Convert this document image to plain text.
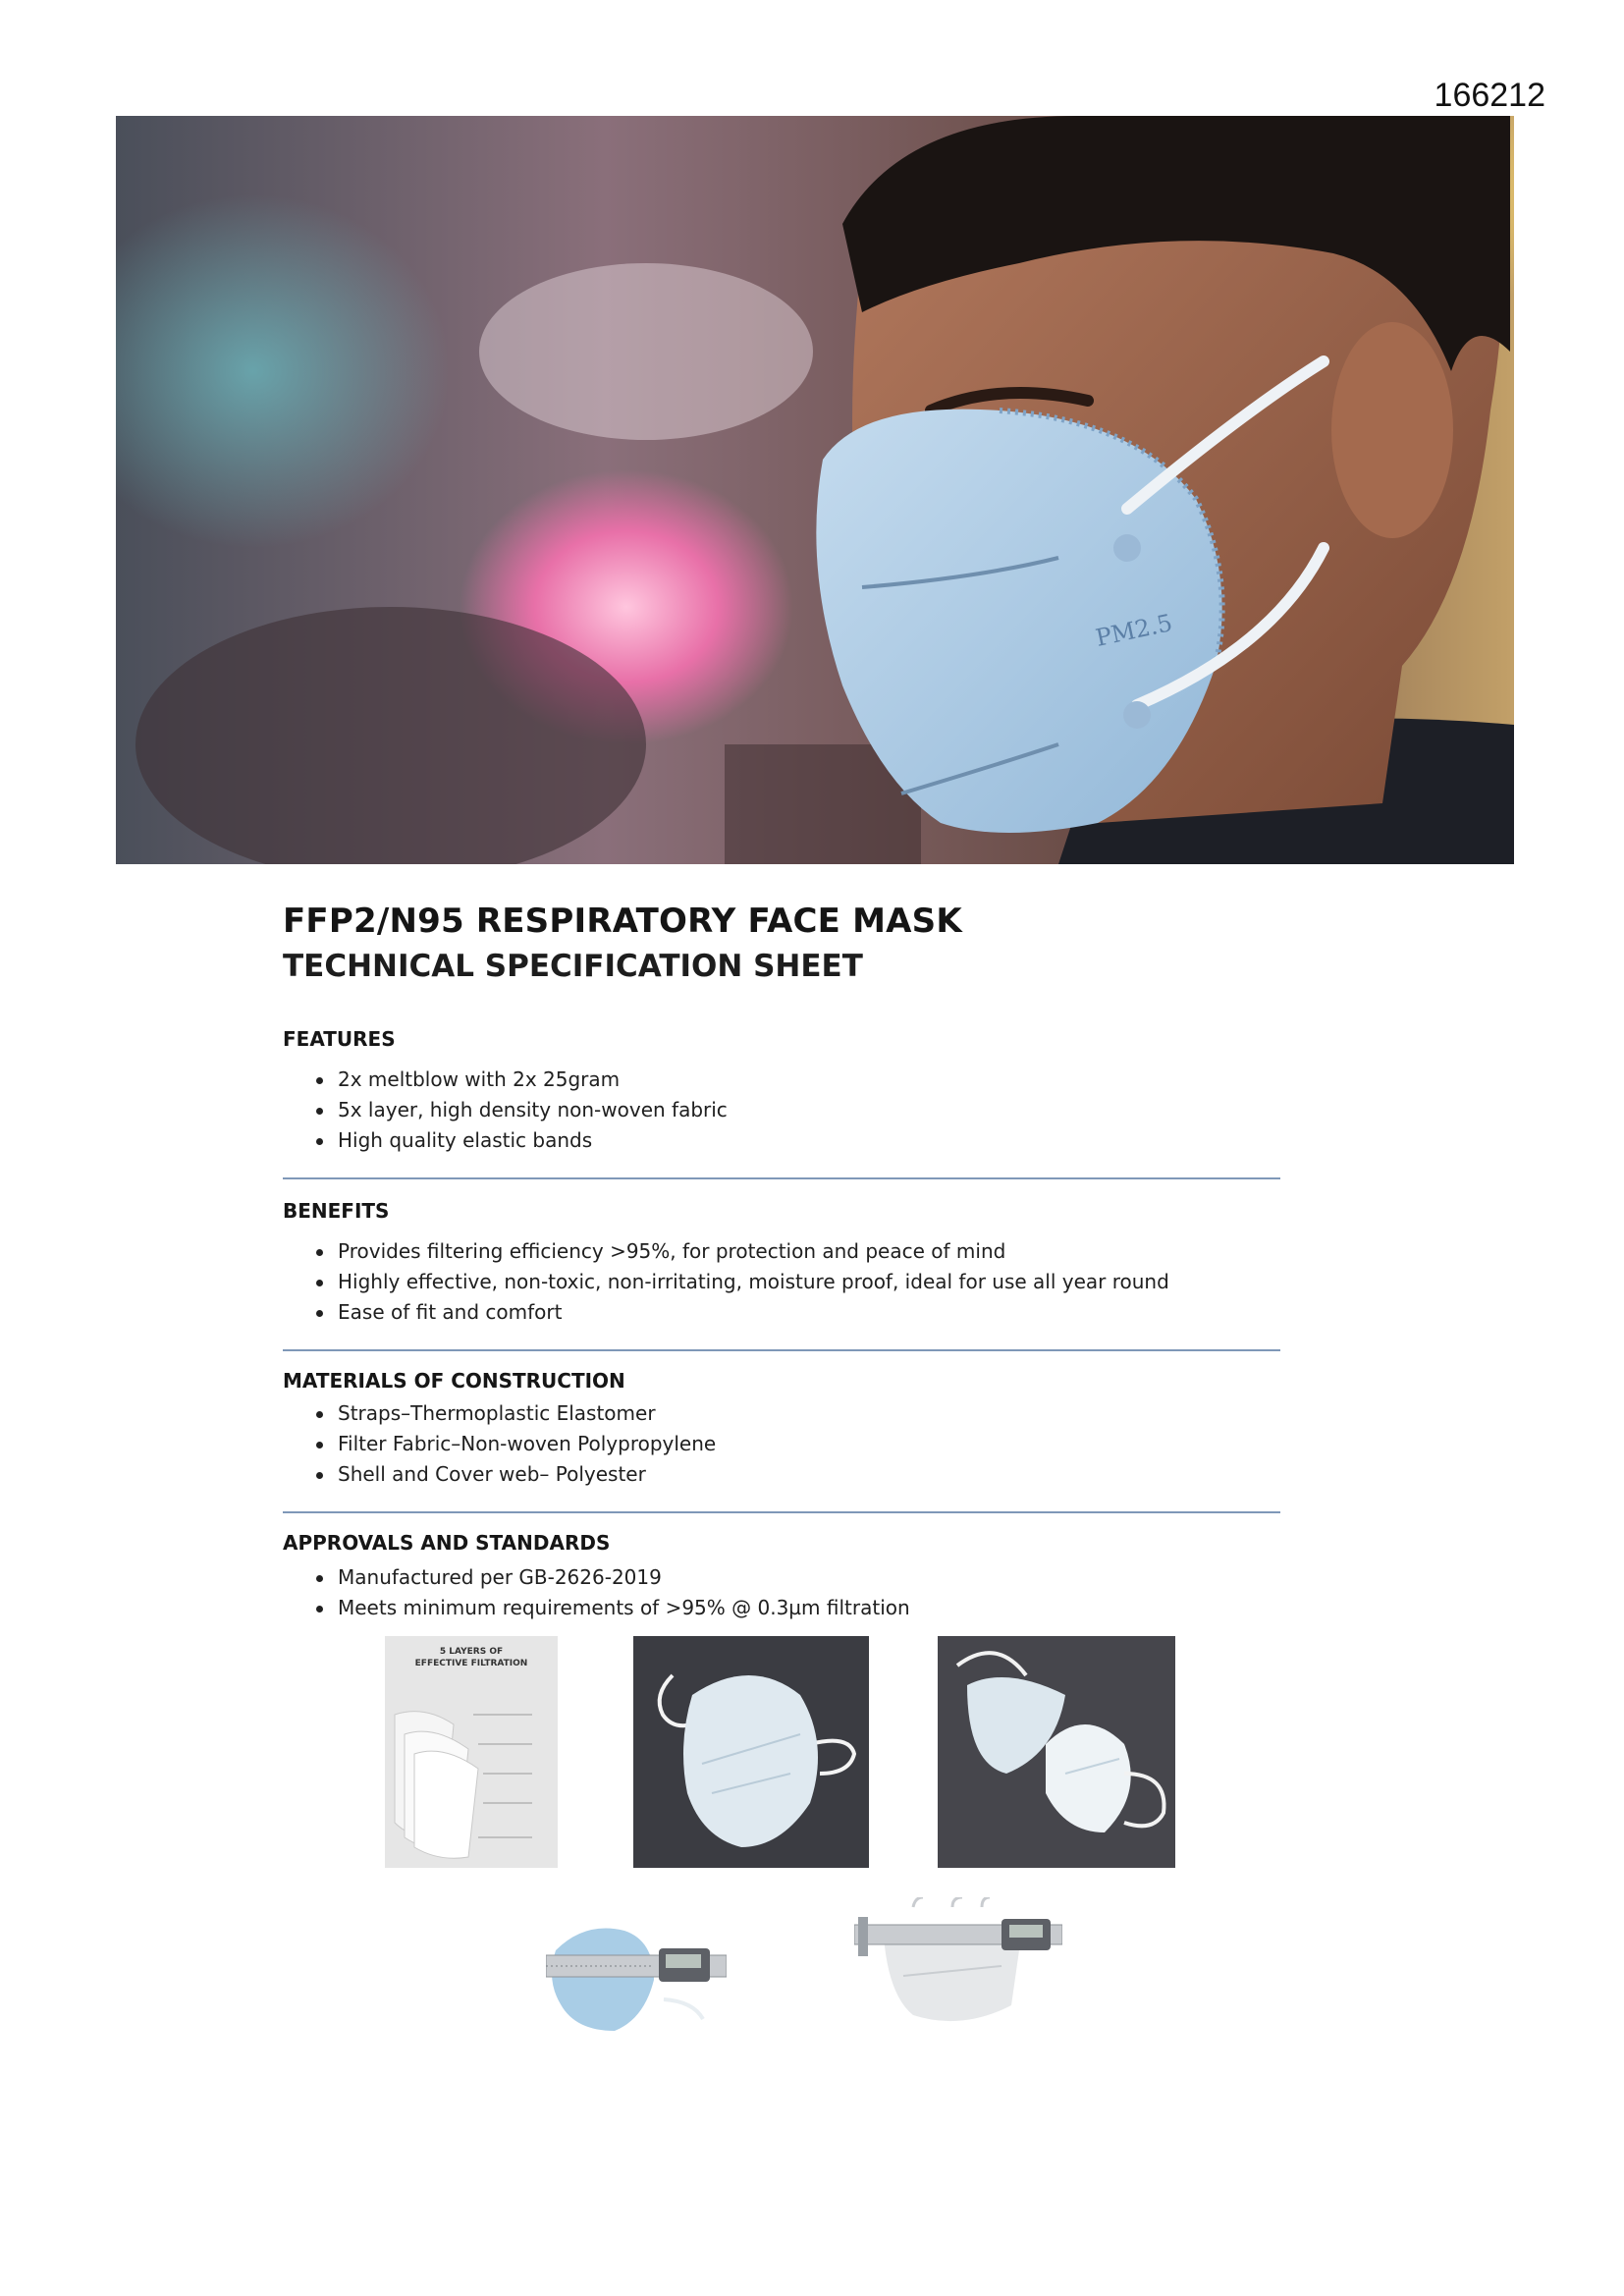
166212
PM2.5
FFP2/N95 RESPIRATORY FACE MASK
TECHNICAL SPECIFICATION SHEET
FEATURES
2x meltblow with 2x 25gram
5x layer, high density non-woven fabric
High quality elastic bands
BENEFITS
Provides filtering efficiency >95%, for protection and peace of mind
Highly effective, non-toxic, non-irritating, moisture proof, ideal for use all year round
Ease of fit and comfort
MATERIALS OF CONSTRUCTION
Straps–Thermoplastic Elastomer
Filter Fabric–Non-woven Polypropylene
Shell and Cover web– Polyester
APPROVALS AND STANDARDS
Manufactured per GB-2626-2019
Meets minimum requirements of >95% @ 0.3µm filtration
5 LAYERS OF
EFFECTIVE FILTRATION
